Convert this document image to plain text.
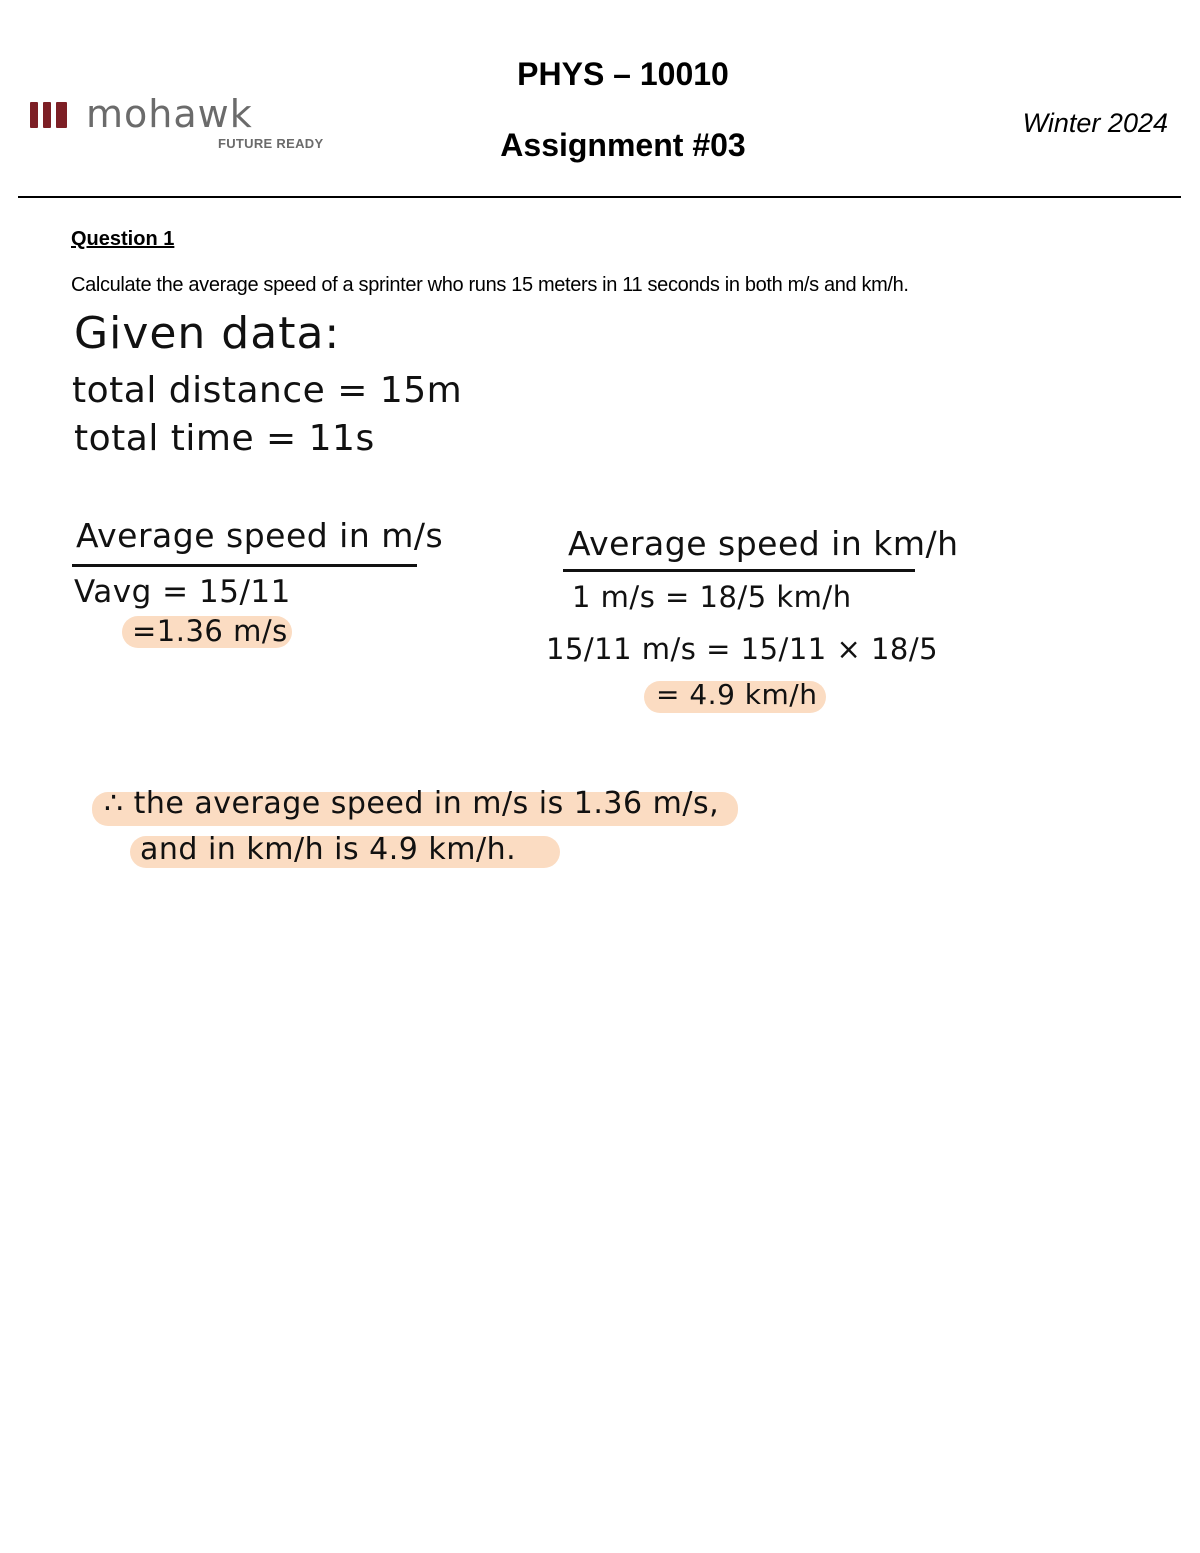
mohawk
FUTURE READY
PHYS – 10010
Assignment #03
Winter 2024
Question 1
Calculate the average speed of a sprinter who runs 15 meters in 11 seconds in both m/s and km/h.
Given data:
total distance = 15m
total time = 11s
Average speed in m/s
Vavg = 15/11
=1.36 m/s
Average speed in km/h
1 m/s = 18/5 km/h
15/11 m/s = 15/11 × 18/5
= 4.9 km/h
∴ the average speed in m/s is 1.36 m/s,
and in km/h is 4.9 km/h.
